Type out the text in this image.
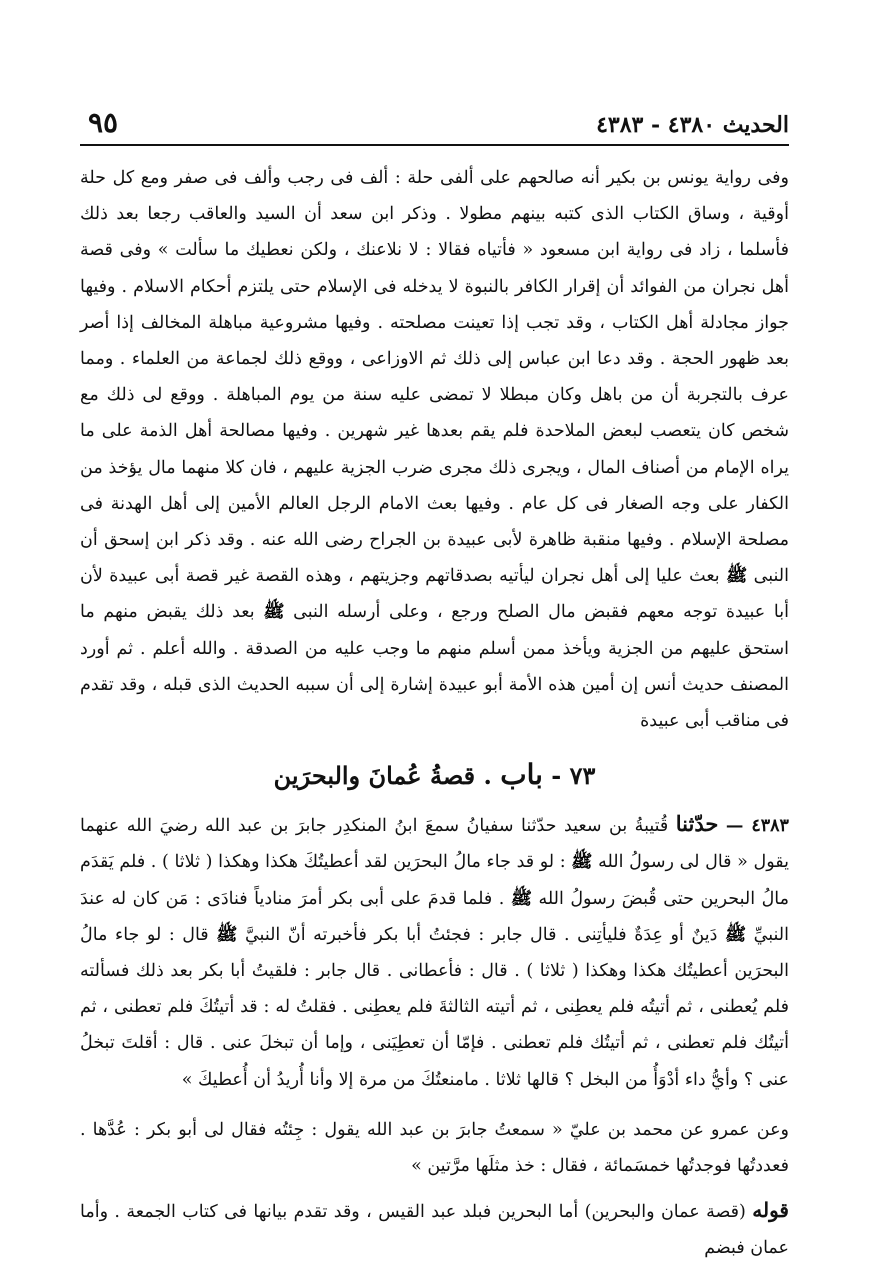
الحديث ٤٣٨٠ - ٤٣٨٣
٩٥

وفى رواية يونس بن بكير أنه صالحهم على ألفى حلة : ألف فى رجب وألف فى صفر ومع كل حلة أوقية ، وساق الكتاب الذى كتبه بينهم مطولا . وذكر ابن سعد أن السيد والعاقب رجعا بعد ذلك فأسلما ، زاد فى رواية ابن مسعود « فأتياه فقالا : لا نلاعنك ، ولكن نعطيك ما سألت » وفى قصة أهل نجران من الفوائد أن إقرار الكافر بالنبوة لا يدخله فى الإسلام حتى يلتزم أحكام الاسلام . وفيها جواز مجادلة أهل الكتاب ، وقد تجب إذا تعينت مصلحته . وفيها مشروعية مباهلة المخالف إذا أصر بعد ظهور الحجة . وقد دعا ابن عباس إلى ذلك ثم الاوزاعى ، ووقع ذلك لجماعة من العلماء . ومما عرف بالتجربة أن من باهل وكان مبطلا لا تمضى عليه سنة من يوم المباهلة . ووقع لى ذلك مع شخص كان يتعصب لبعض الملاحدة فلم يقم بعدها غير شهرين . وفيها مصالحة أهل الذمة على ما يراه الإمام من أصناف المال ، ويجرى ذلك مجرى ضرب الجزية عليهم ، فان كلا منهما مال يؤخذ من الكفار على وجه الصغار فى كل عام . وفيها بعث الامام الرجل العالم الأمين إلى أهل الهدنة فى مصلحة الإسلام . وفيها منقبة ظاهرة لأبى عبيدة بن الجراح رضى الله عنه . وقد ذكر ابن إسحق أن النبى ﷺ بعث عليا إلى أهل نجران ليأتيه بصدقاتهم وجزيتهم ، وهذه القصة غير قصة أبى عبيدة لأن أبا عبيدة توجه معهم فقبض مال الصلح ورجع ، وعلى أرسله النبى ﷺ بعد ذلك يقبض منهم ما استحق عليهم من الجزية ويأخذ ممن أسلم منهم ما وجب عليه من الصدقة . والله أعلم . ثم أورد المصنف حديث أنس إن أمين هذه الأمة أبو عبيدة إشارة إلى أن سببه الحديث الذى قبله ، وقد تقدم فى مناقب أبى عبيدة

٧٣ - باب . قصةُ عُمانَ والبحرَين

٤٣٨٣ — حدّثنا قُتيبةُ بن سعيد حدّثنا سفيانُ سمعَ ابنُ المنكدِر جابرَ بن عبد الله رضيَ الله عنهما يقول « قال لى رسولُ الله ﷺ : لو قد جاء مالُ البحرَين لقد أعطيتُكَ هكذا وهكذا ( ثلاثا ) . فلم يَقدَم مالُ البحرين حتى قُبضَ رسولُ الله ﷺ . فلما قدمَ على أبى بكر أمرَ منادياً فنادَى : مَن كان له عندَ النبيِّ ﷺ دَينٌ أو عِدَةٌ فليأتِنى . قال جابر : فجئتُ أبا بكر فأخبرته أنّ النبيَّ ﷺ قال : لو جاء مالُ البحرَين أعطيتُك هكذا وهكذا ( ثلاثا ) . قال : فأعطانى . قال جابر : فلقيتُ أبا بكر بعد ذلك فسألته فلم يُعطنى ، ثم أتيتُه فلم يعطِنى ، ثم أتيته الثالثةَ فلم يعطِنى . فقلتُ له : قد أتيتُكَ فلم تعطنى ، ثم أتيتُك فلم تعطنى ، ثم أتيتُك فلم تعطنى . فإمّا أن تعطِيَنى ، وإما أن تبخلَ عنى . قال : أقلتَ تبخلُ عنى ؟ وأيُّ داء أدْوَأُ من البخل ؟ قالها ثلاثا . مامنعتُكَ من مرة إلا وأنا أُريدُ أن أُعطيكَ »

وعن عمرو عن محمد بن عليّ « سمعتُ جابرَ بن عبد الله يقول : جِئتُه فقال لى أبو بكر : عُدَّها . فعددتُها فوجدتُها خمسَمائة ، فقال : خذ مثلَها مرَّتين »

قوله (قصة عمان والبحرين) أما البحرين فبلد عبد القيس ، وقد تقدم بيانها فى كتاب الجمعة . وأما عمان فبضم
